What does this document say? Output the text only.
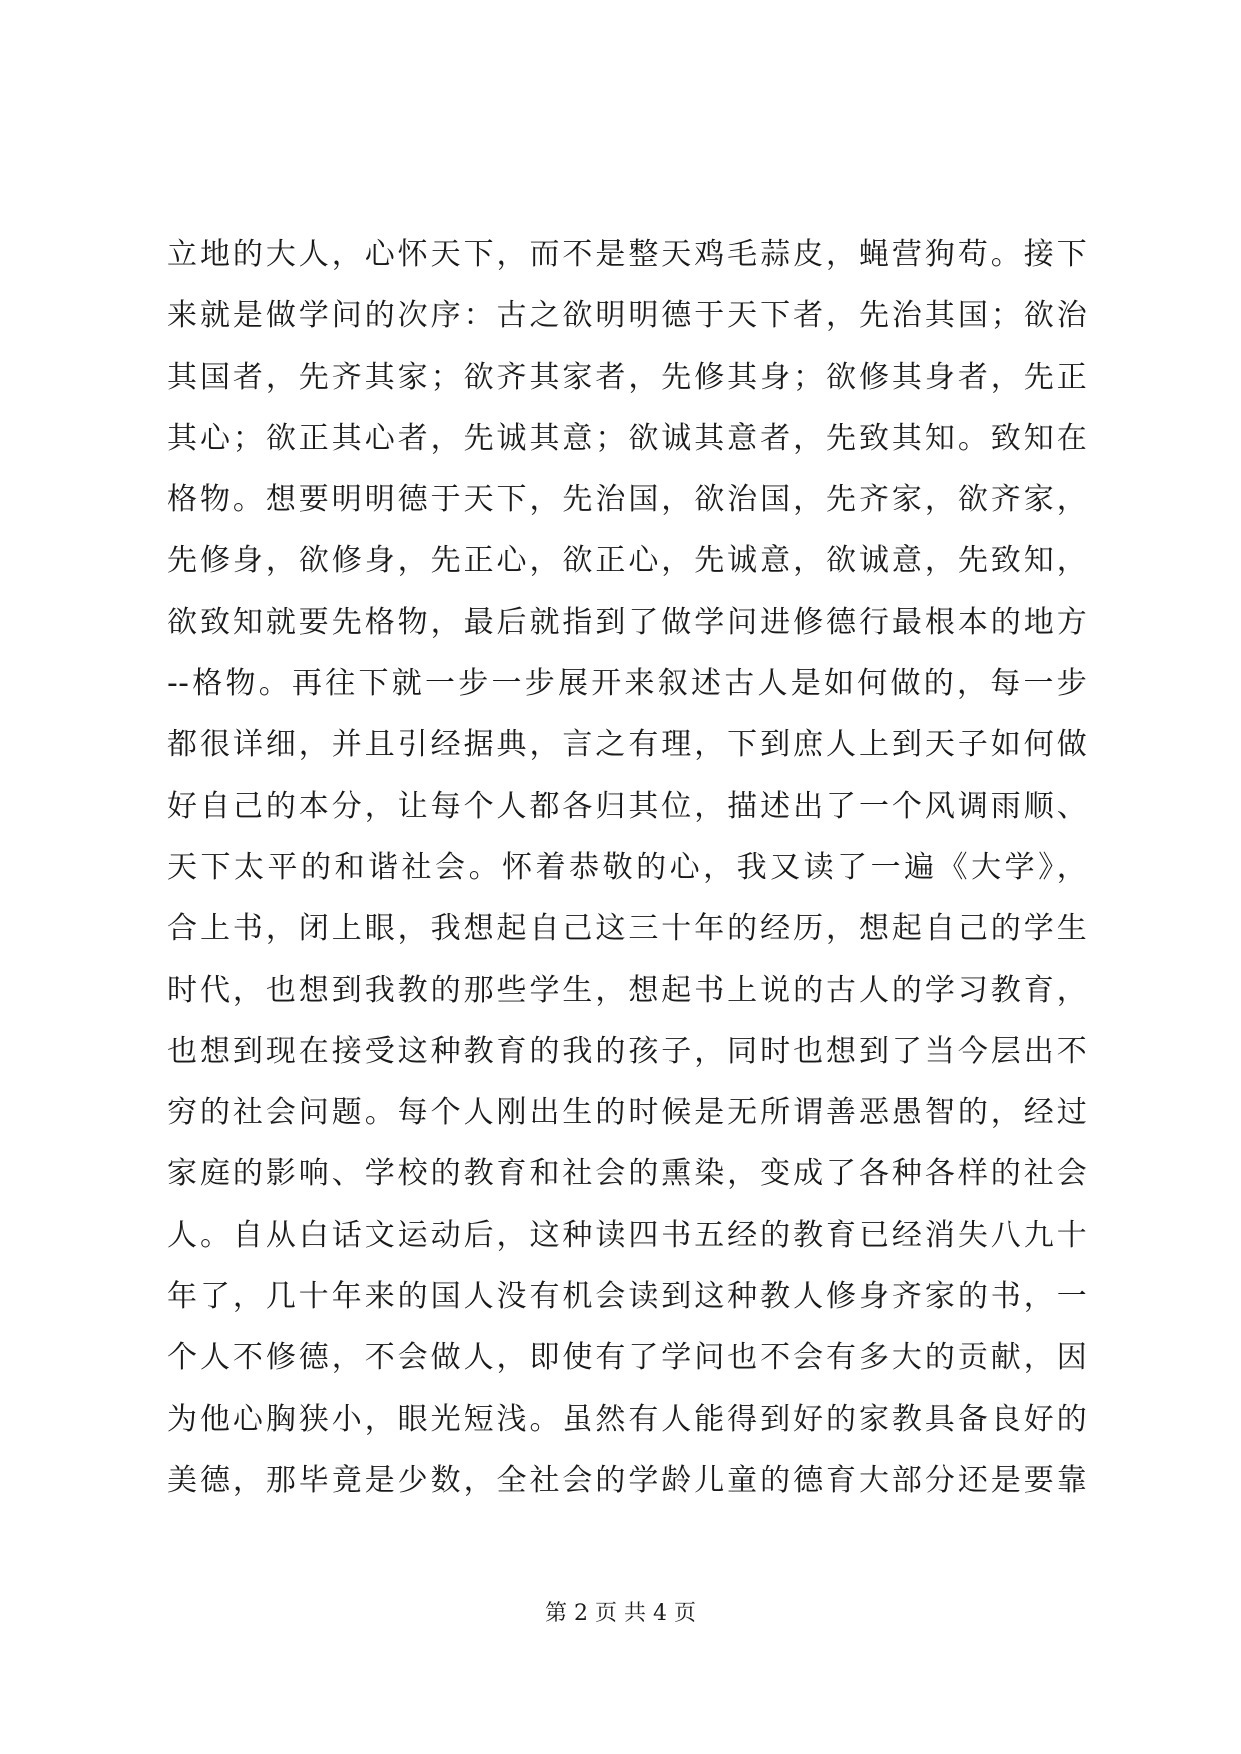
立地的大人，心怀天下，而不是整天鸡毛蒜皮，蝇营狗苟。接下
来就是做学问的次序：古之欲明明德于天下者，先治其国；欲治
其国者，先齐其家；欲齐其家者，先修其身；欲修其身者，先正
其心；欲正其心者，先诚其意；欲诚其意者，先致其知。致知在
格物。想要明明德于天下，先治国，欲治国，先齐家，欲齐家，
先修身，欲修身，先正心，欲正心，先诚意，欲诚意，先致知，
欲致知就要先格物，最后就指到了做学问进修德行最根本的地方
--格物。再往下就一步一步展开来叙述古人是如何做的，每一步
都很详细，并且引经据典，言之有理，下到庶人上到天子如何做
好自己的本分，让每个人都各归其位，描述出了一个风调雨顺、
天下太平的和谐社会。怀着恭敬的心，我又读了一遍《大学》，
合上书，闭上眼，我想起自己这三十年的经历，想起自己的学生
时代，也想到我教的那些学生，想起书上说的古人的学习教育，
也想到现在接受这种教育的我的孩子，同时也想到了当今层出不
穷的社会问题。每个人刚出生的时候是无所谓善恶愚智的，经过
家庭的影响、学校的教育和社会的熏染，变成了各种各样的社会
人。自从白话文运动后，这种读四书五经的教育已经消失八九十
年了，几十年来的国人没有机会读到这种教人修身齐家的书，一
个人不修德，不会做人，即使有了学问也不会有多大的贡献，因
为他心胸狭小，眼光短浅。虽然有人能得到好的家教具备良好的
美德，那毕竟是少数，全社会的学龄儿童的德育大部分还是要靠
第 2 页 共 4 页
